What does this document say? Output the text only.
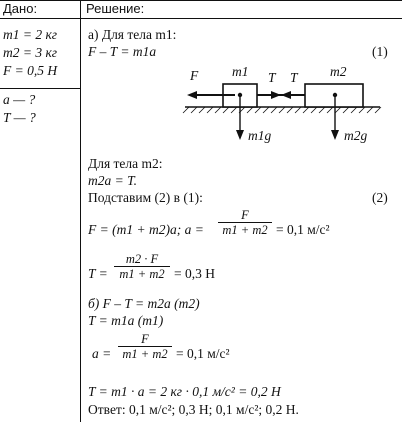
Дано:	Решение:
m1 = 2 кг
m2 = 3 кг
F = 0,5 Н
a — ?
T — ?
а) Для тела m1:
F – T = m1a	(1)
F⃗ m1 T⃗ T⃗ m2
m1g⃗	m2g⃗
Для тела m2:
m2a = T.
Подставим (2) в (1):	(2)
F = (m1 + m2)a; a =
F
m1 + m2 = 0,1 м/с²
T =
m2 · F
m1 + m2 = 0,3 Н
б) F – T = m2a (m2)
T = m1a (m1)
a =
F
m1 + m2 = 0,1 м/с²
T = m1 · a = 2 кг · 0,1 м/с² = 0,2 Н
Ответ: 0,1 м/с²; 0,3 Н; 0,1 м/с²; 0,2 Н.
